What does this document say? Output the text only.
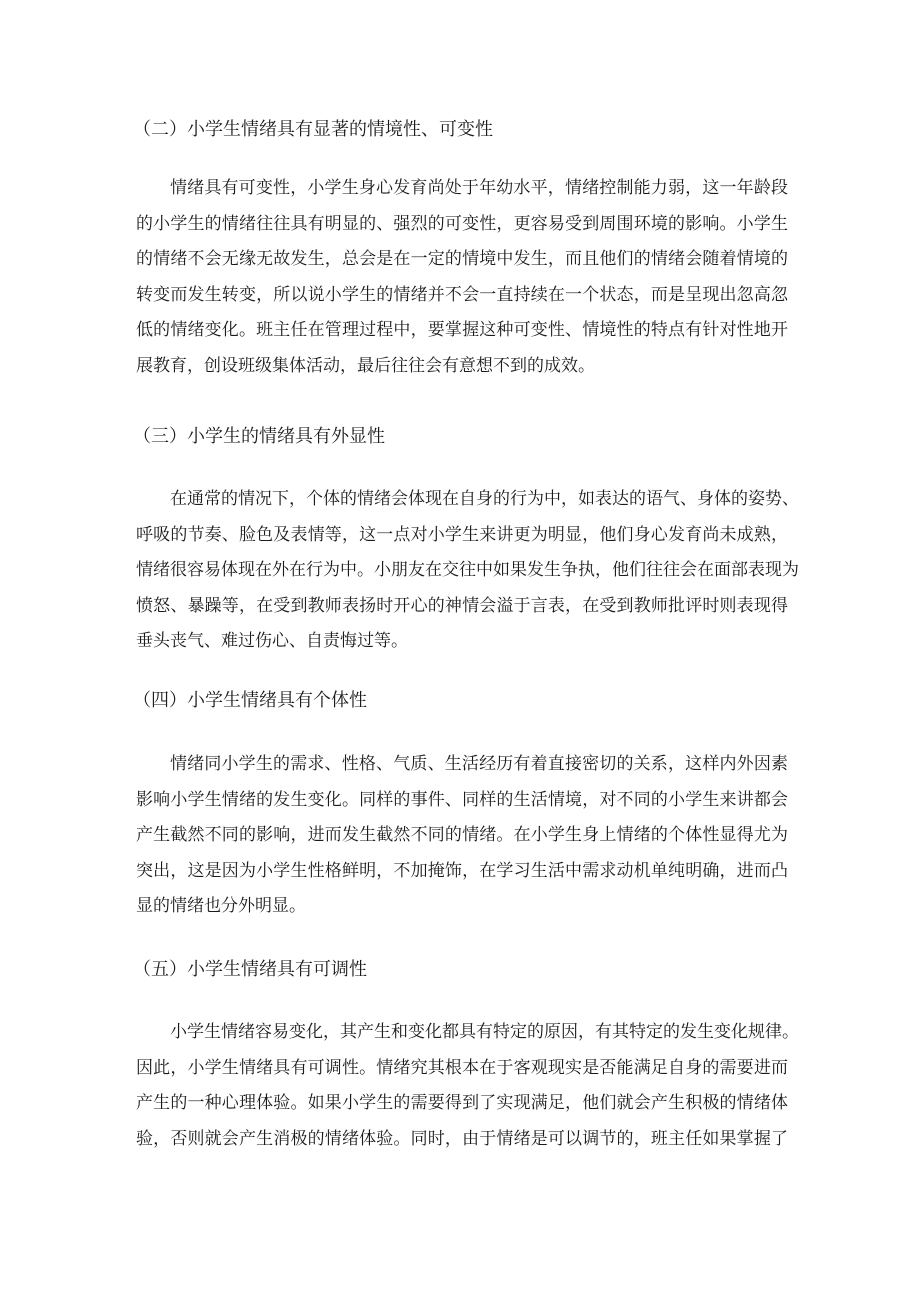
（二）小学生情绪具有显著的情境性、可变性
情绪具有可变性，小学生身心发育尚处于年幼水平，情绪控制能力弱，这一年龄段
的小学生的情绪往往具有明显的、强烈的可变性，更容易受到周围环境的影响。小学生
的情绪不会无缘无故发生，总会是在一定的情境中发生，而且他们的情绪会随着情境的
转变而发生转变，所以说小学生的情绪并不会一直持续在一个状态，而是呈现出忽高忽
低的情绪变化。班主任在管理过程中，要掌握这种可变性、情境性的特点有针对性地开
展教育，创设班级集体活动，最后往往会有意想不到的成效。
（三）小学生的情绪具有外显性
在通常的情况下，个体的情绪会体现在自身的行为中，如表达的语气、身体的姿势、
呼吸的节奏、脸色及表情等，这一点对小学生来讲更为明显，他们身心发育尚未成熟，
情绪很容易体现在外在行为中。小朋友在交往中如果发生争执，他们往往会在面部表现为
愤怒、暴躁等，在受到教师表扬时开心的神情会溢于言表，在受到教师批评时则表现得
垂头丧气、难过伤心、自责悔过等。
（四）小学生情绪具有个体性
情绪同小学生的需求、性格、气质、生活经历有着直接密切的关系，这样内外因素
影响小学生情绪的发生变化。同样的事件、同样的生活情境，对不同的小学生来讲都会
产生截然不同的影响，进而发生截然不同的情绪。在小学生身上情绪的个体性显得尤为
突出，这是因为小学生性格鲜明，不加掩饰，在学习生活中需求动机单纯明确，进而凸
显的情绪也分外明显。
（五）小学生情绪具有可调性
小学生情绪容易变化，其产生和变化都具有特定的原因，有其特定的发生变化规律。
因此，小学生情绪具有可调性。情绪究其根本在于客观现实是否能满足自身的需要进而
产生的一种心理体验。如果小学生的需要得到了实现满足，他们就会产生积极的情绪体
验，否则就会产生消极的情绪体验。同时，由于情绪是可以调节的，班主任如果掌握了
